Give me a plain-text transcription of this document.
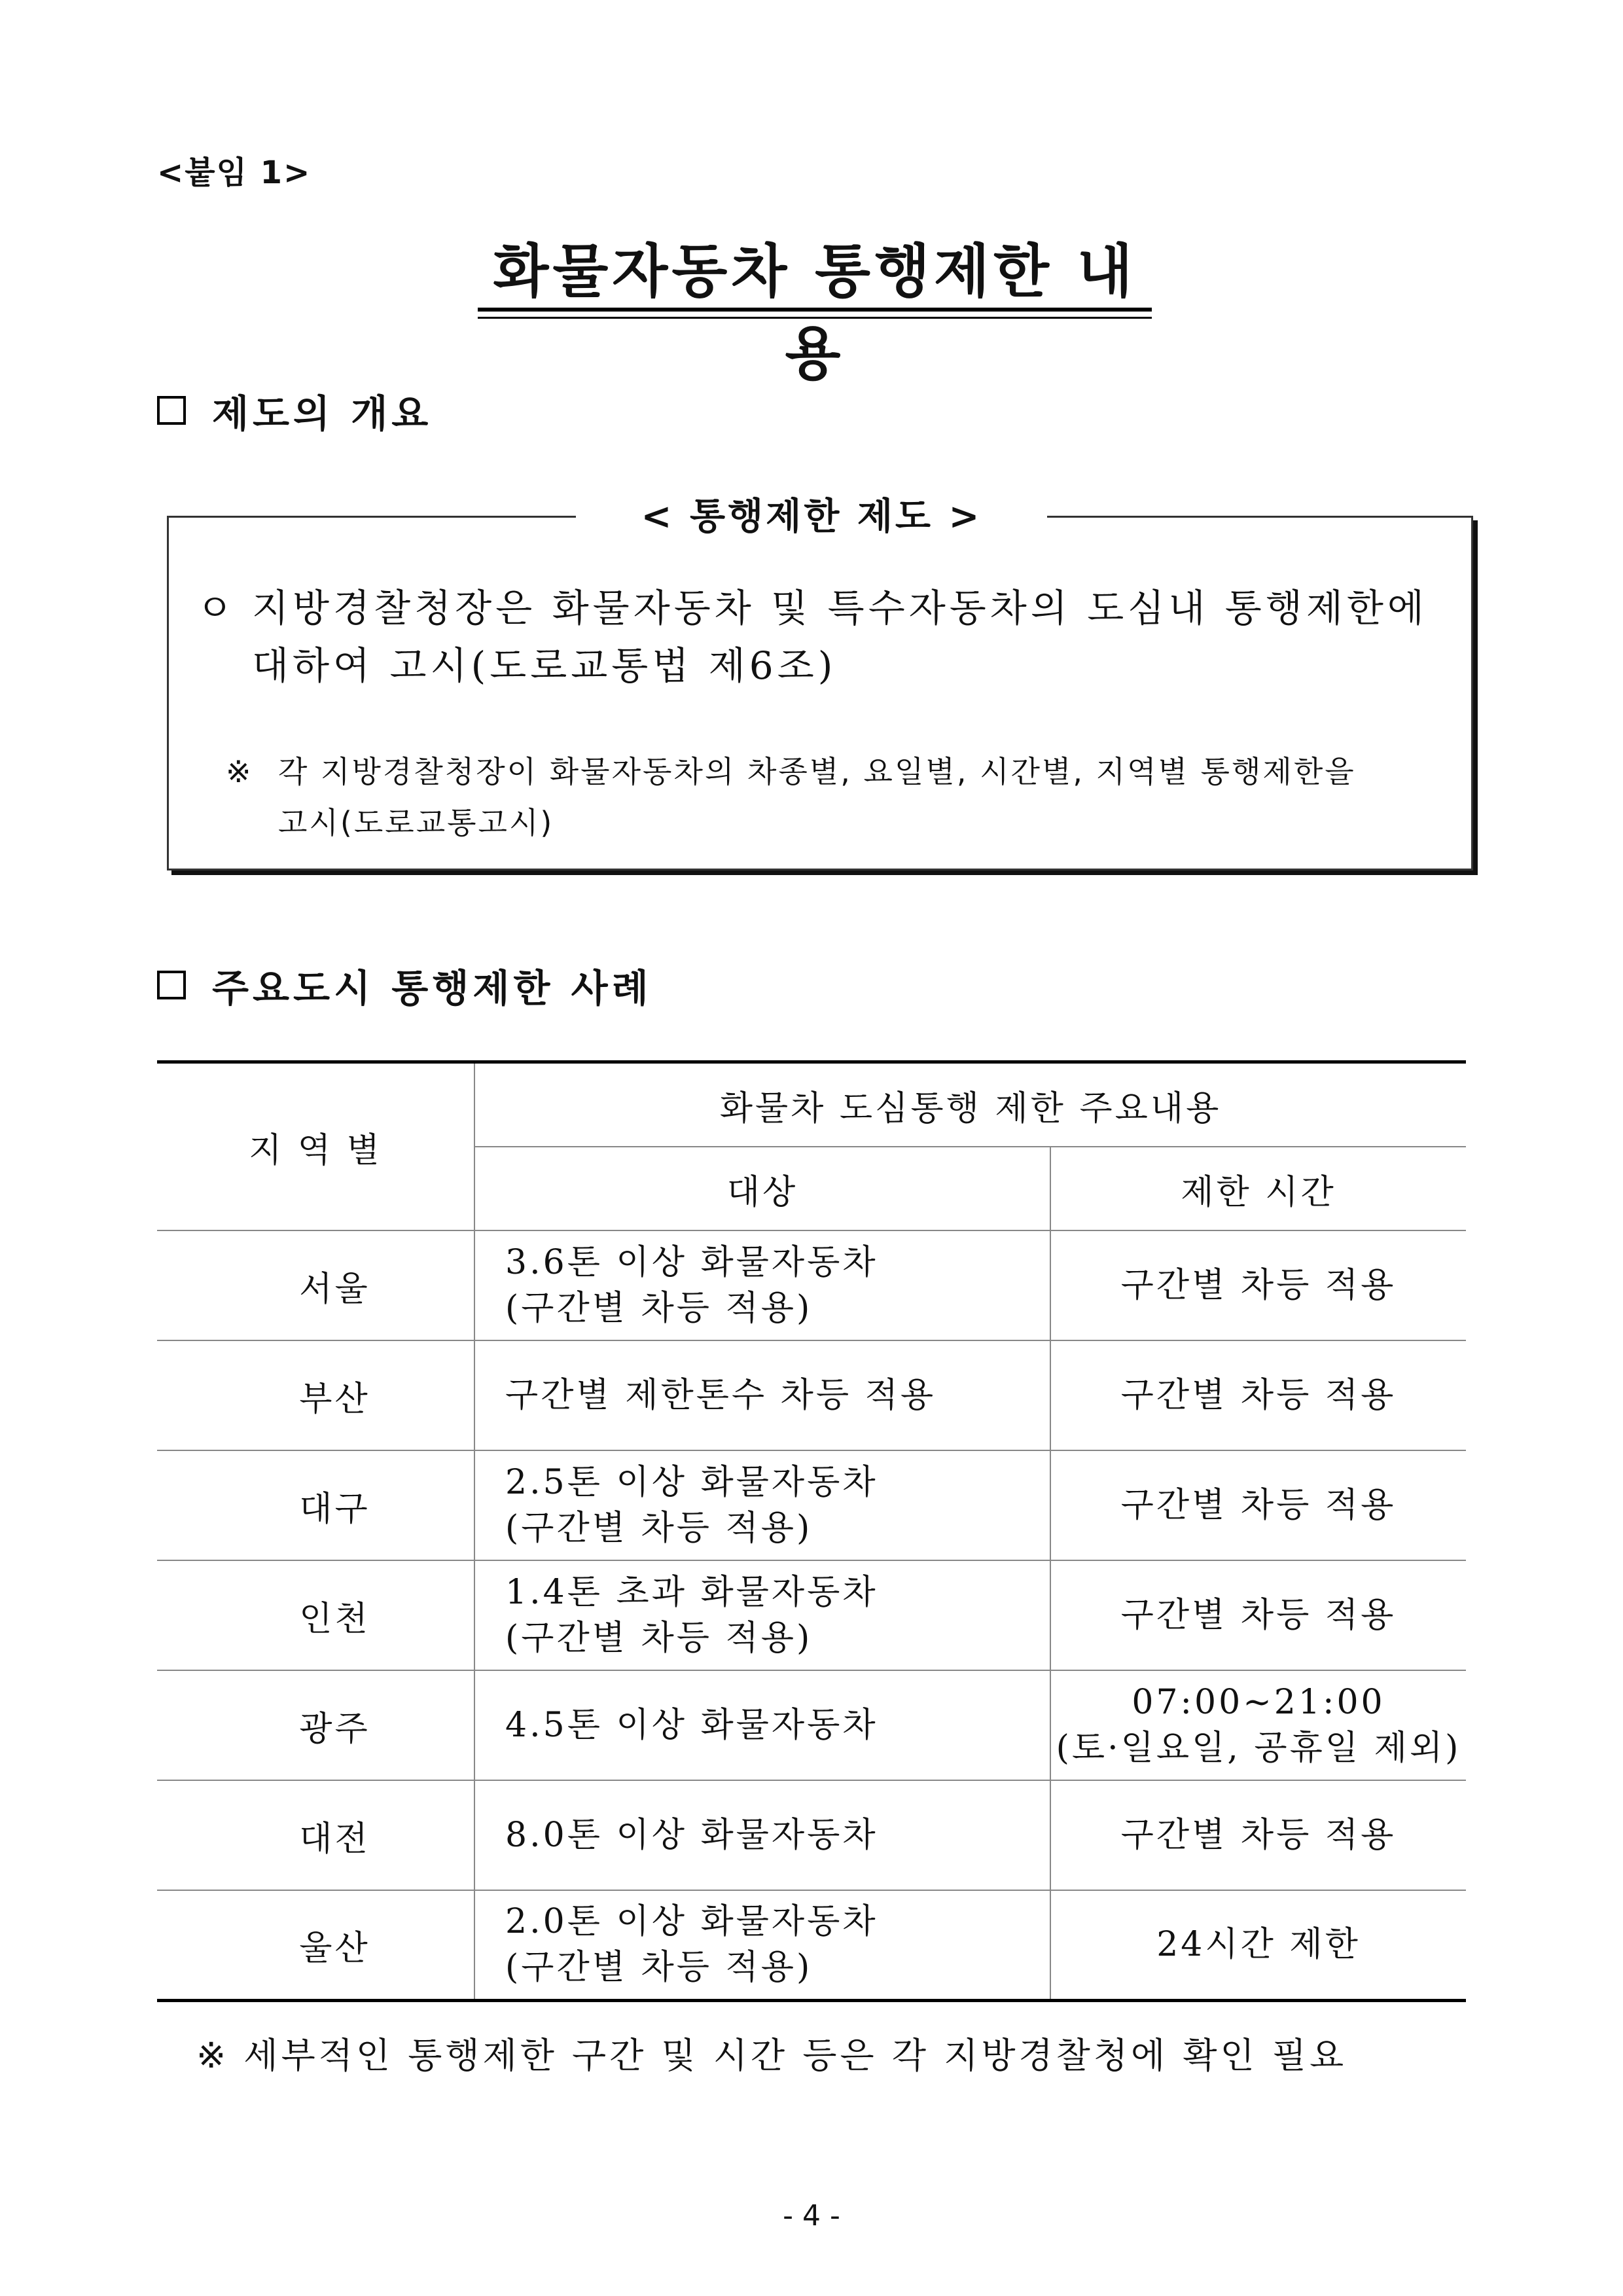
<붙임 1>
화물자동차 통행제한 내용
제도의 개요
< 통행제한 제도 >
ㅇ 지방경찰청장은 화물자동차 및 특수자동차의 도심내 통행제한에
대하여 고시(도로교통법 제6조)
※ 각 지방경찰청장이 화물자동차의 차종별, 요일별, 시간별, 지역별 통행제한을
고시(도로교통고시)
주요도시 통행제한 사례
지 역 별	화물차 도심통행 제한 주요내용	
	대상	제한 시간
서울	3.6톤 이상 화물자동차
(구간별 차등 적용)	구간별 차등 적용

부산	구간별 제한톤수 차등 적용	구간별 차등 적용

대구	2.5톤 이상 화물자동차
(구간별 차등 적용)	구간별 차등 적용

인천	1.4톤 초과 화물자동차
(구간별 차등 적용)	구간별 차등 적용

광주	4.5톤 이상 화물자동차	07:00~21:00
(토·일요일, 공휴일 제외)

대전	8.0톤 이상 화물자동차	구간별 차등 적용

울산	2.0톤 이상 화물자동차
(구간별 차등 적용)	24시간 제한
※ 세부적인 통행제한 구간 및 시간 등은 각 지방경찰청에 확인 필요
- 4 -
